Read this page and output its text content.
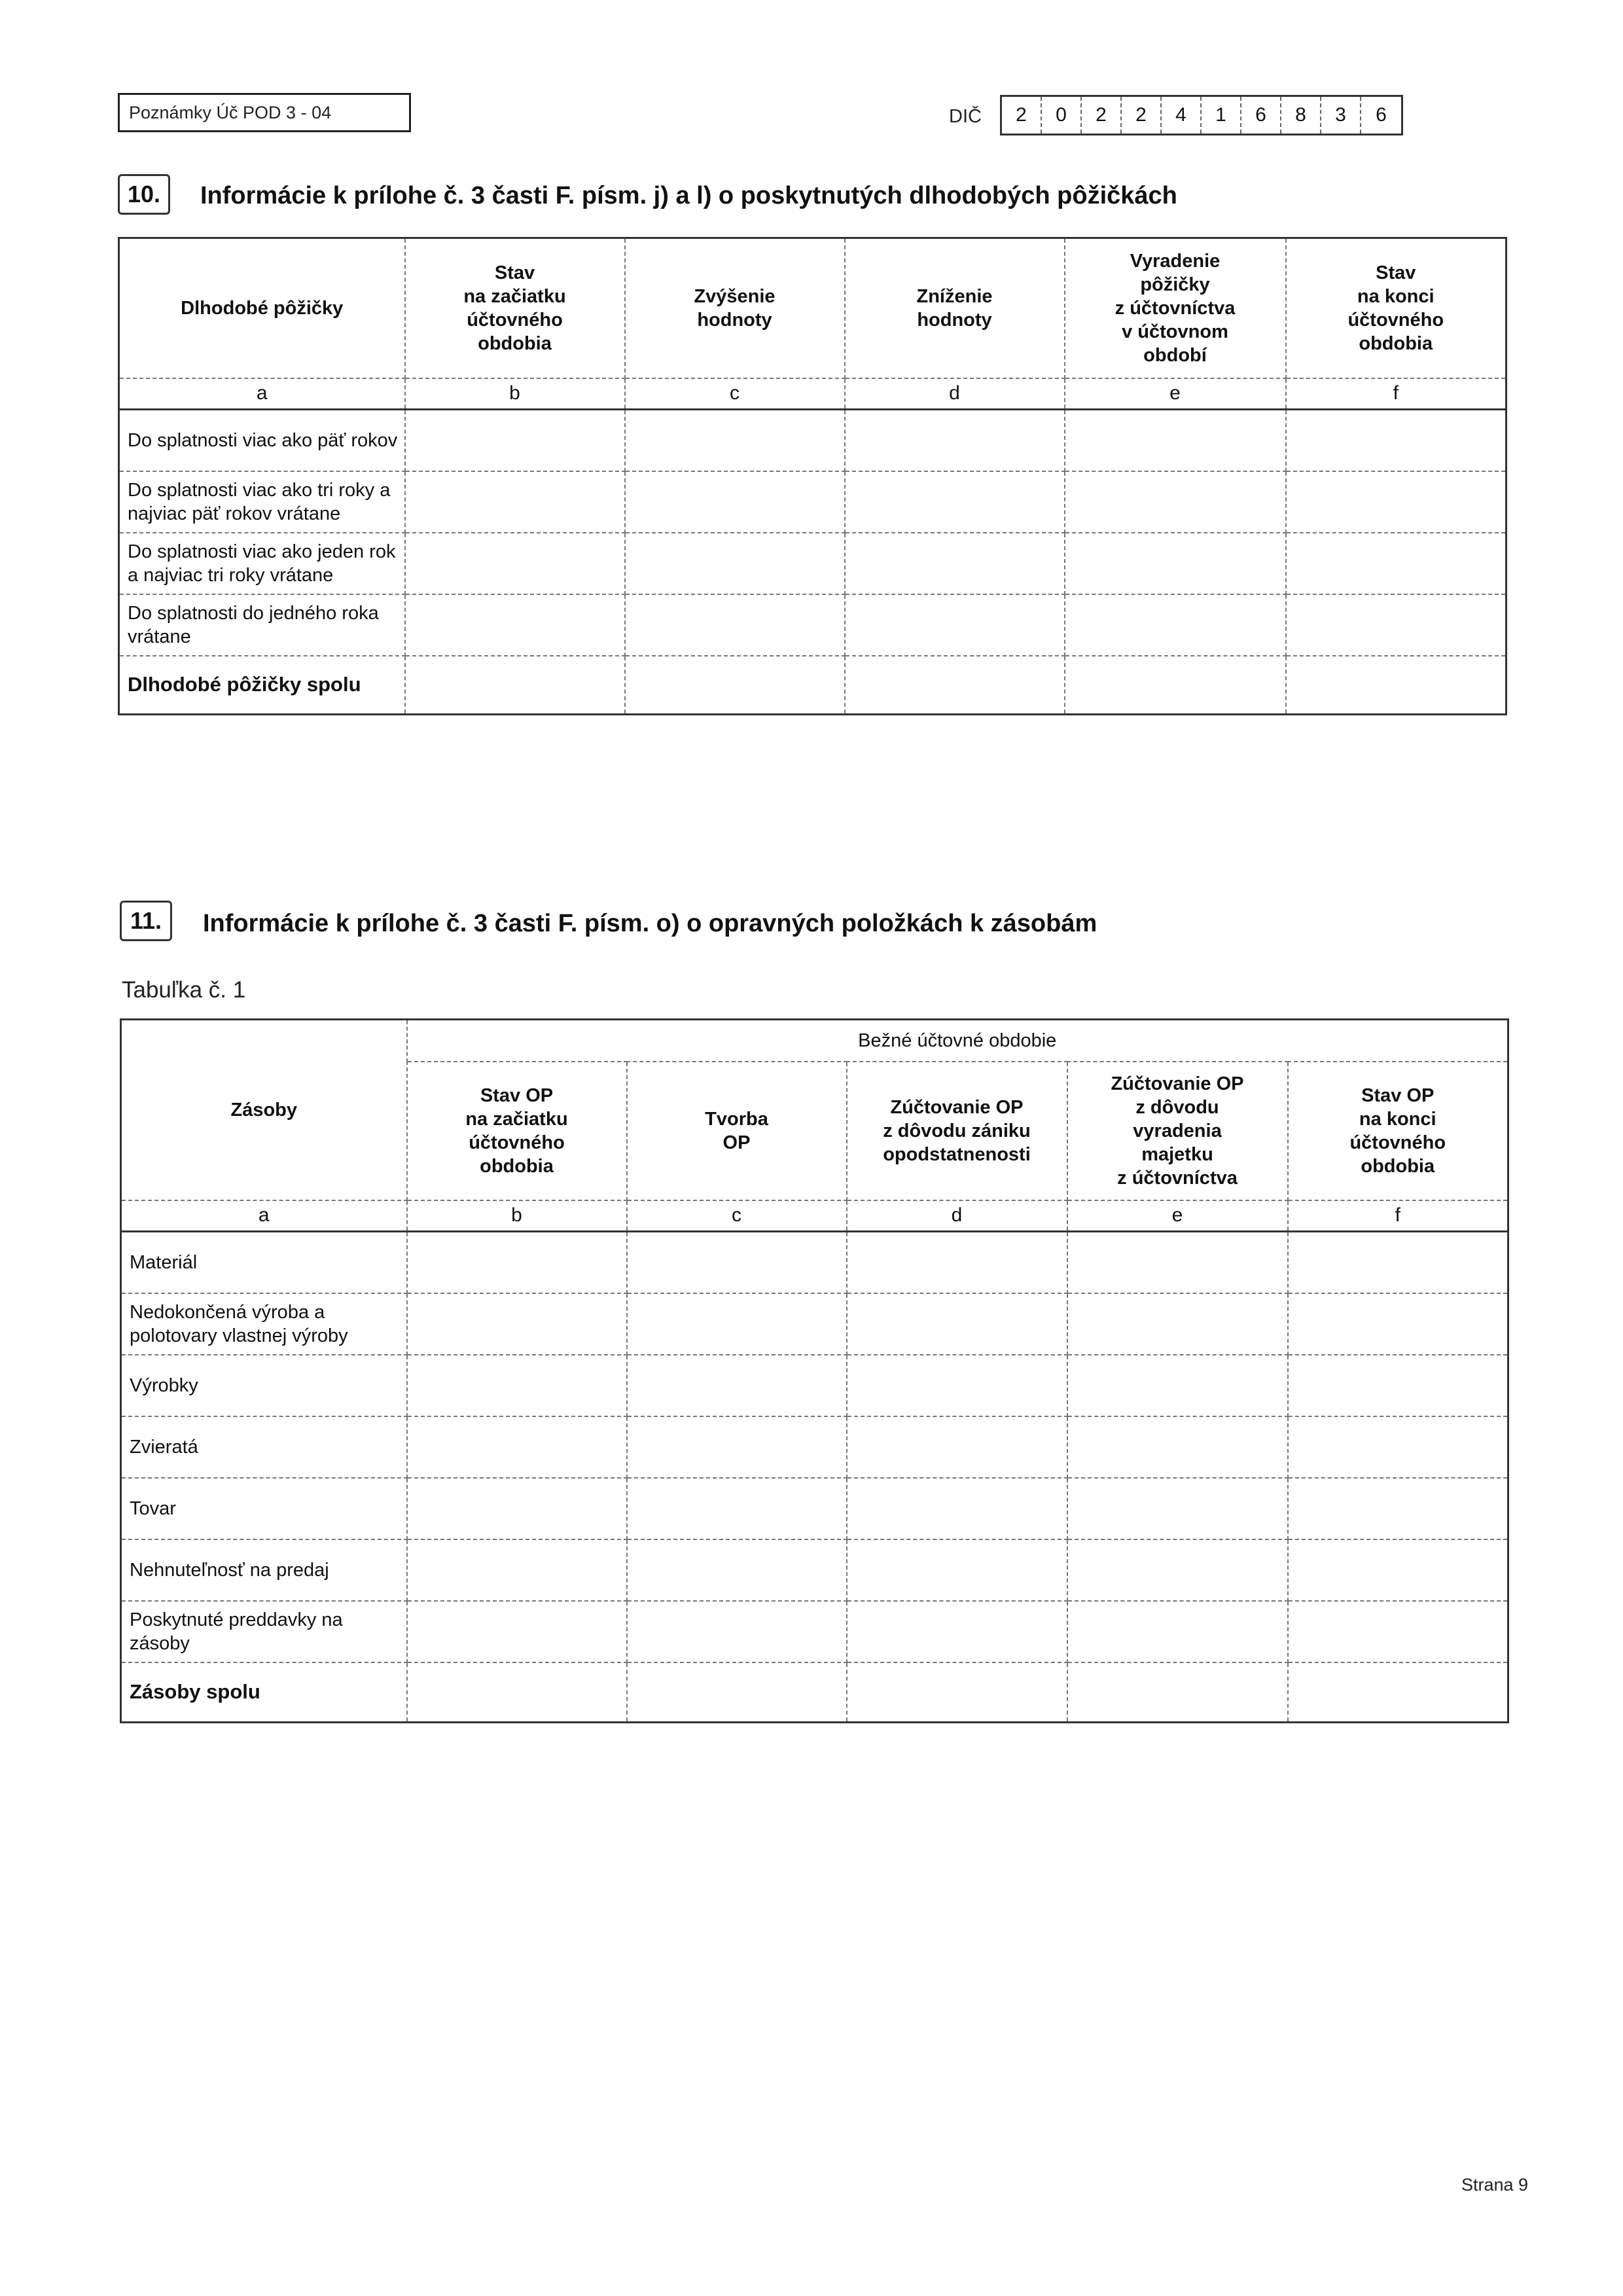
Poznámky Úč POD 3 - 04	DIČ	2	0	2	2	4	1	6	8	3	6
10.	Informácie k prílohe č. 3 časti F. písm. j) a l) o poskytnutých dlhodobých pôžičkách
Dlhodobé pôžičky	Stav
na začiatku
účtovného
obdobia	Zvýšenie
hodnoty	Zníženie
hodnoty	Vyradenie
pôžičky
z účtovníctva
v účtovnom
období	Stav
na konci
účtovného
obdobia
a	b	c	d	e	f
Do splatnosti viac ako päť rokov					
Do splatnosti viac ako tri roky a najviac päť rokov vrátane					
Do splatnosti viac ako jeden rok a najviac tri roky vrátane					
Do splatnosti do jedného roka vrátane					
Dlhodobé pôžičky spolu					
11.	Informácie k prílohe č. 3 časti F. písm. o) o opravných položkách k zásobám
Tabuľka č. 1
Zásoby	Bežné účtovné obdobie				
	Stav OP
na začiatku
účtovného
obdobia	Tvorba
OP	Zúčtovanie OP
z dôvodu zániku
opodstatnenosti	Zúčtovanie OP
z dôvodu
vyradenia
majetku
z účtovníctva	Stav OP
na konci
účtovného
obdobia
a	b	c	d	e	f
Materiál					
Nedokončená výroba a polotovary vlastnej výroby					
Výrobky					
Zvieratá					
Tovar					
Nehnuteľnosť na predaj					
Poskytnuté preddavky na zásoby					
Zásoby spolu					
Strana 9
